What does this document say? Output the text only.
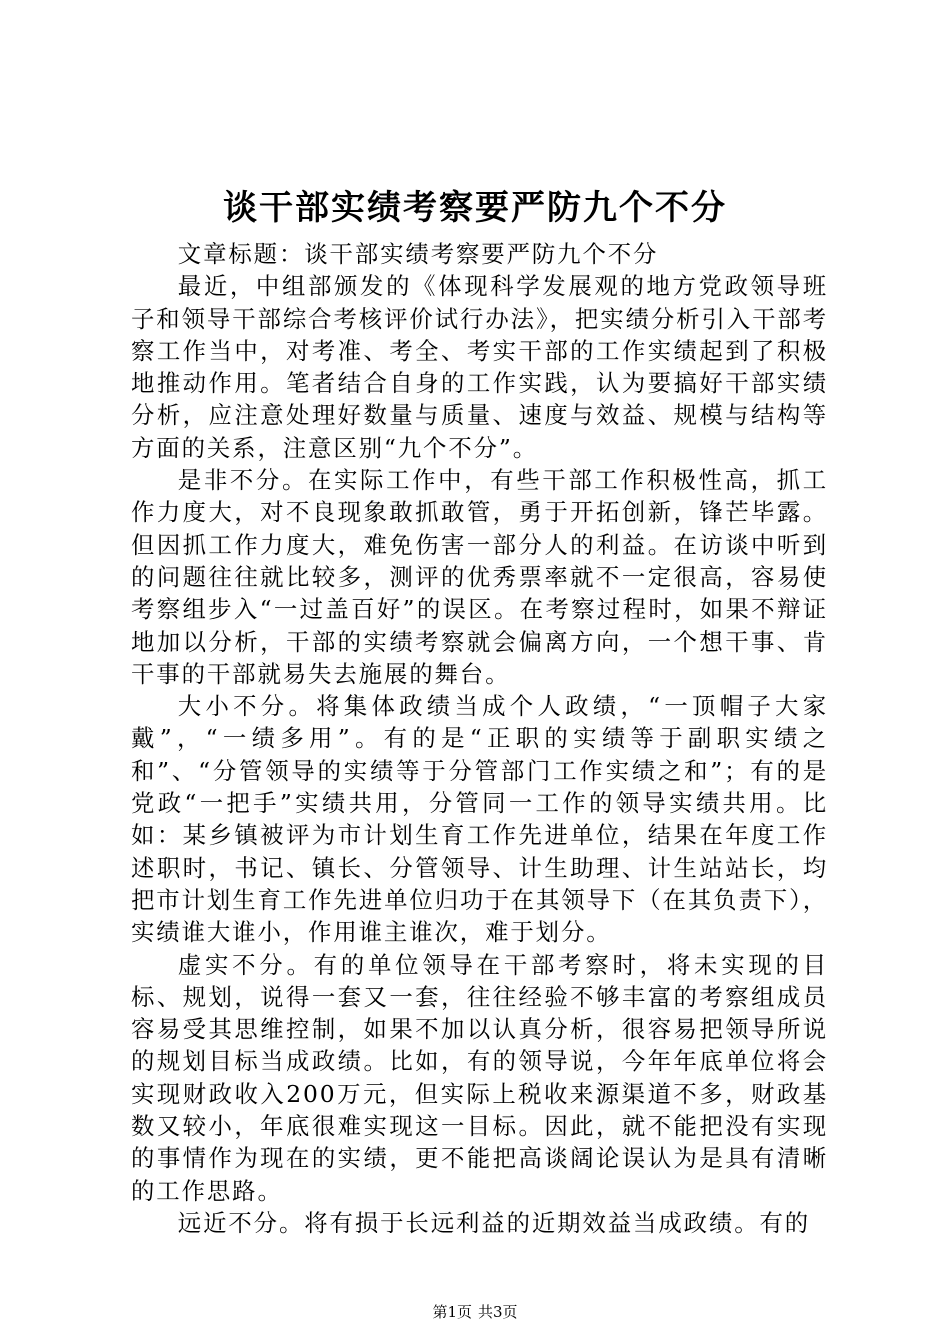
谈干部实绩考察要严防九个不分

文章标题：谈干部实绩考察要严防九个不分

最近，中组部颁发的《体现科学发展观的地方党政领导班子和领导干部综合考核评价试行办法》，把实绩分析引入干部考察工作当中，对考准、考全、考实干部的工作实绩起到了积极地推动作用。笔者结合自身的工作实践，认为要搞好干部实绩分析，应注意处理好数量与质量、速度与效益、规模与结构等方面的关系，注意区别“九个不分”。

是非不分。在实际工作中，有些干部工作积极性高，抓工作力度大，对不良现象敢抓敢管，勇于开拓创新，锋芒毕露。但因抓工作力度大，难免伤害一部分人的利益。在访谈中听到的问题往往就比较多，测评的优秀票率就不一定很高，容易使考察组步入“一过盖百好”的误区。在考察过程时，如果不辩证地加以分析，干部的实绩考察就会偏离方向，一个想干事、肯干事的干部就易失去施展的舞台。

大小不分。将集体政绩当成个人政绩，“一顶帽子大家戴”，“一绩多用”。有的是“正职的实绩等于副职实绩之和”、“分管领导的实绩等于分管部门工作实绩之和”；有的是党政“一把手”实绩共用，分管同一工作的领导实绩共用。比如：某乡镇被评为市计划生育工作先进单位，结果在年度工作述职时，书记、镇长、分管领导、计生助理、计生站站长，均把市计划生育工作先进单位归功于在其领导下（在其负责下），实绩谁大谁小，作用谁主谁次，难于划分。

虚实不分。有的单位领导在干部考察时，将未实现的目标、规划，说得一套又一套，往往经验不够丰富的考察组成员容易受其思维控制，如果不加以认真分析，很容易把领导所说的规划目标当成政绩。比如，有的领导说，今年年底单位将会实现财政收入200万元，但实际上税收来源渠道不多，财政基数又较小，年底很难实现这一目标。因此，就不能把没有实现的事情作为现在的实绩，更不能把高谈阔论误认为是具有清晰的工作思路。

远近不分。将有损于长远利益的近期效益当成政绩。有的

第1页 共3页
